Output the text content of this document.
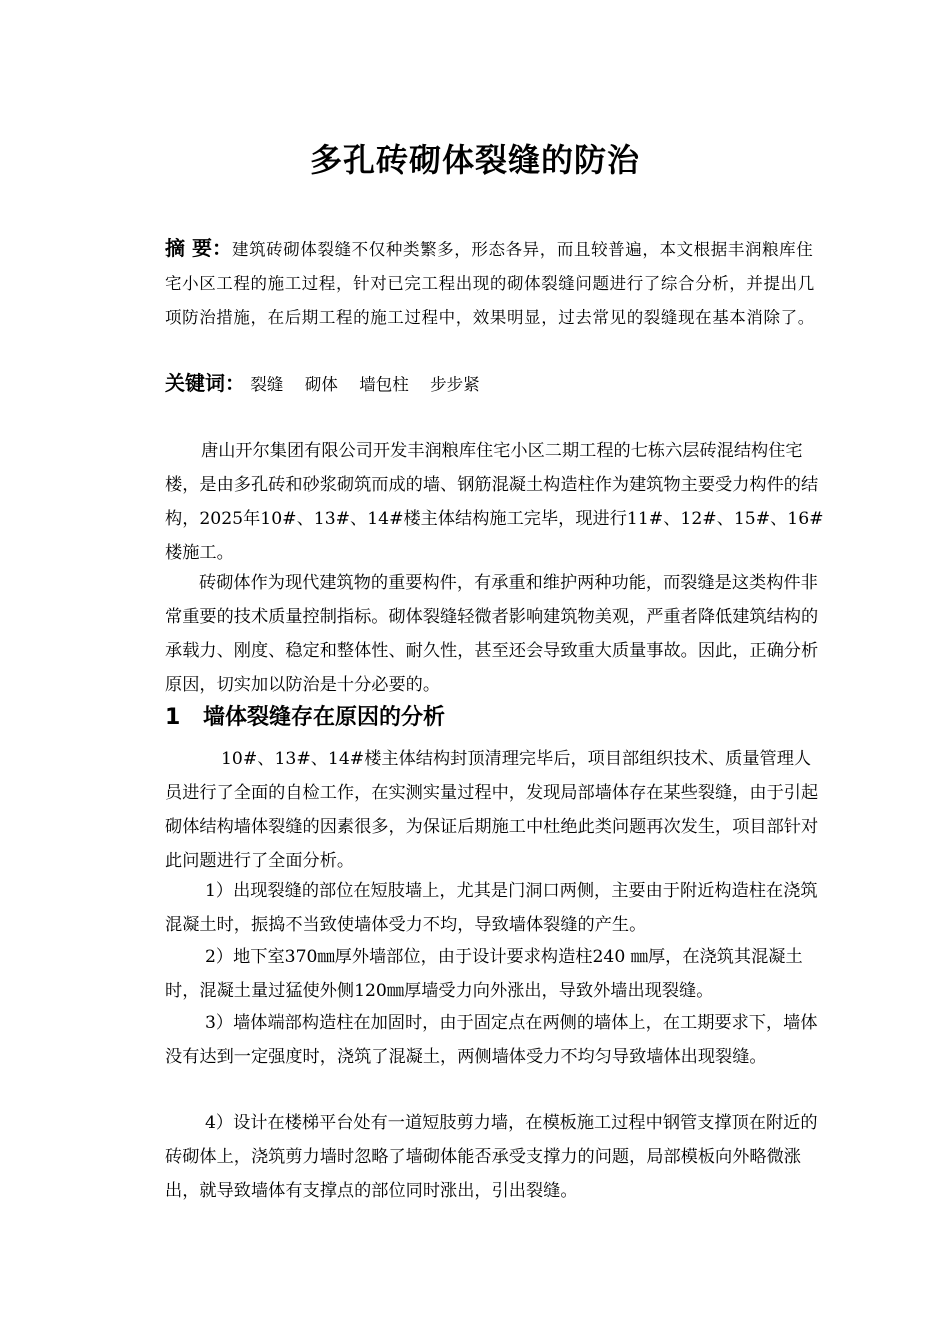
多孔砖砌体裂缝的防治
摘 要：建筑砖砌体裂缝不仅种类繁多，形态各异，而且较普遍，本文根据丰润粮库住宅小区工程的施工过程，针对已完工程出现的砌体裂缝问题进行了综合分析，并提出几项防治措施，在后期工程的施工过程中，效果明显，过去常见的裂缝现在基本消除了。
关键词： 裂缝 砌体 墙包柱 步步紧

唐山开尔集团有限公司开发丰润粮库住宅小区二期工程的七栋六层砖混结构住宅楼，是由多孔砖和砂浆砌筑而成的墙、钢筋混凝土构造柱作为建筑物主要受力构件的结构，2025年10#、13#、14#楼主体结构施工完毕，现进行11#、12#、15#、16#楼施工。

砖砌体作为现代建筑物的重要构件，有承重和维护两种功能，而裂缝是这类构件非常重要的技术质量控制指标。砌体裂缝轻微者影响建筑物美观，严重者降低建筑结构的承载力、刚度、稳定和整体性、耐久性，甚至还会导致重大质量事故。因此，正确分析原因，切实加以防治是十分必要的。

1 墙体裂缝存在原因的分析

10#、13#、14#楼主体结构封顶清理完毕后，项目部组织技术、质量管理人员进行了全面的自检工作，在实测实量过程中，发现局部墙体存在某些裂缝，由于引起砌体结构墙体裂缝的因素很多，为保证后期施工中杜绝此类问题再次发生，项目部针对此问题进行了全面分析。

1）出现裂缝的部位在短肢墙上，尤其是门洞口两侧，主要由于附近构造柱在浇筑混凝土时，振捣不当致使墙体受力不均，导致墙体裂缝的产生。

2）地下室370㎜厚外墙部位，由于设计要求构造柱240 ㎜厚，在浇筑其混凝土时，混凝土量过猛使外侧120㎜厚墙受力向外涨出，导致外墙出现裂缝。

3）墙体端部构造柱在加固时，由于固定点在两侧的墙体上，在工期要求下，墙体没有达到一定强度时，浇筑了混凝土，两侧墙体受力不均匀导致墙体出现裂缝。

4）设计在楼梯平台处有一道短肢剪力墙，在模板施工过程中钢管支撑顶在附近的砖砌体上，浇筑剪力墙时忽略了墙砌体能否承受支撑力的问题，局部模板向外略微涨出，就导致墙体有支撑点的部位同时涨出，引出裂缝。
